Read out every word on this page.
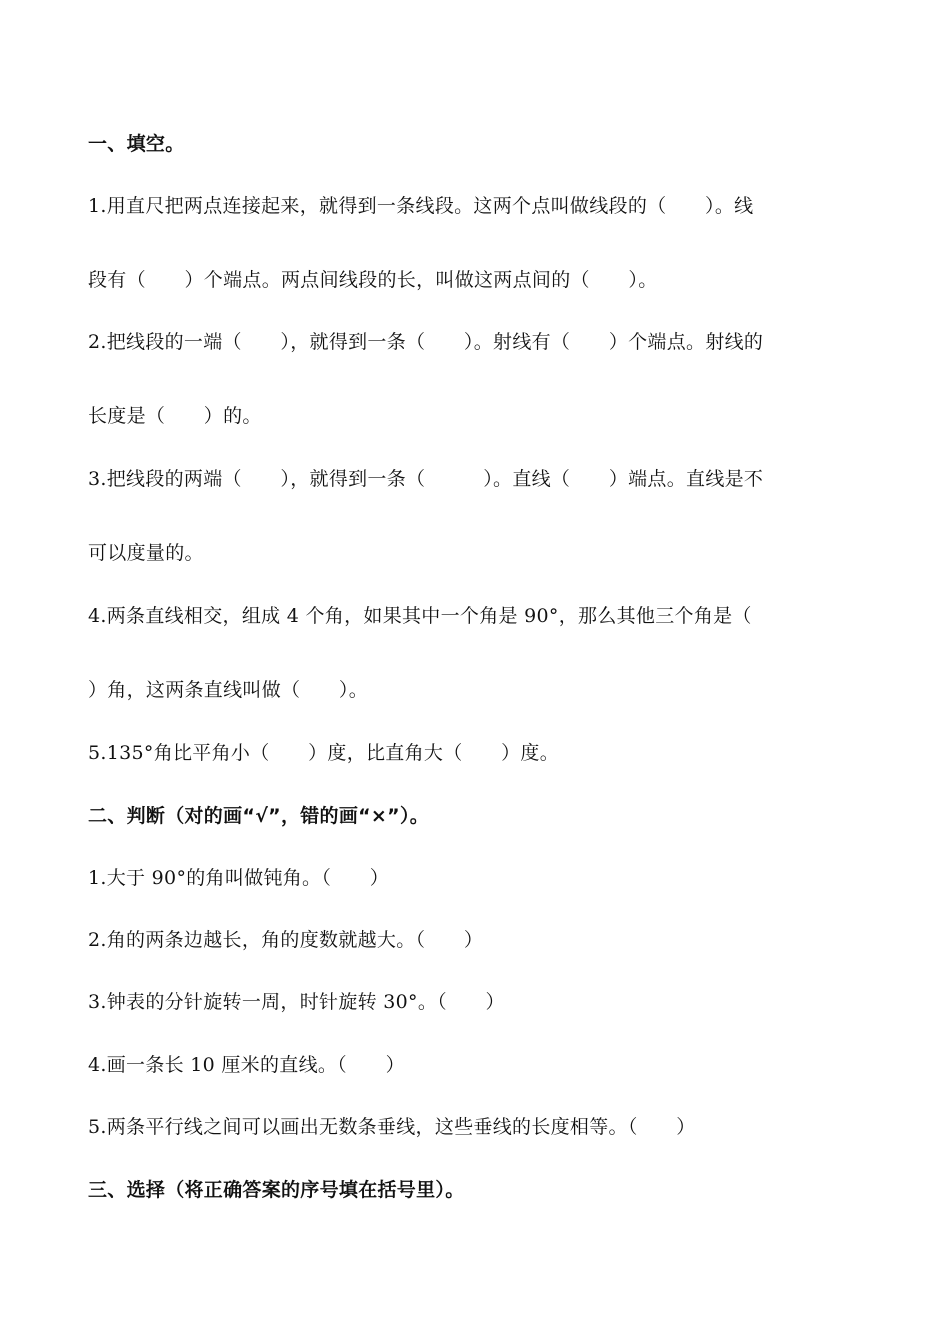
一、填空。
1.用直尺把两点连接起来，就得到一条线段。这两个点叫做线段的（　　）。线
段有（　　）个端点。两点间线段的长，叫做这两点间的（　　）。
2.把线段的一端（　　），就得到一条（　　）。射线有（　　）个端点。射线的
长度是（　　）的。
3.把线段的两端（　　），就得到一条（　　　）。直线（　　）端点。直线是不
可以度量的。
4.两条直线相交，组成 4 个角，如果其中一个角是 90°，那么其他三个角是（
）角，这两条直线叫做（　　）。
5.135°角比平角小（　　）度，比直角大（　　）度。
二、判断（对的画“√”，错的画“×”）。
1.大于 90°的角叫做钝角。（　　）
2.角的两条边越长，角的度数就越大。（　　）
3.钟表的分针旋转一周，时针旋转 30°。（　　）
4.画一条长 10 厘米的直线。（　　）
5.两条平行线之间可以画出无数条垂线，这些垂线的长度相等。（　　）
三、选择（将正确答案的序号填在括号里）。
